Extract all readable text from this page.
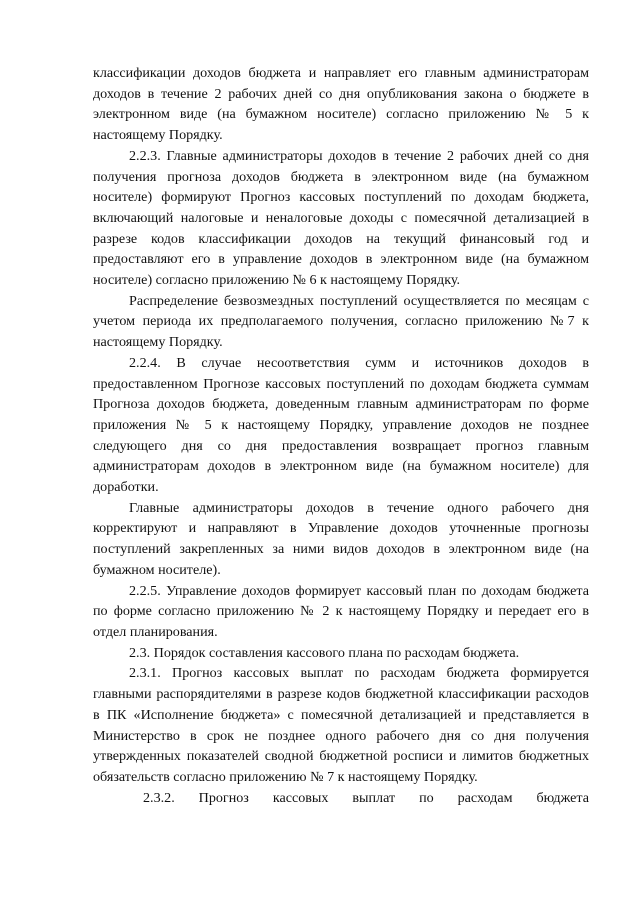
классификации доходов бюджета и направляет его главным администраторам доходов в течение 2 рабочих дней со дня опубликования закона о бюджете в электронном виде (на бумажном носителе) согласно приложению № 5 к настоящему Порядку.

2.2.3. Главные администраторы доходов в течение 2 рабочих дней со дня получения прогноза доходов бюджета в электронном виде (на бумажном носителе) формируют Прогноз кассовых поступлений по доходам бюджета, включающий налоговые и неналоговые доходы с помесячной детализацией в разрезе кодов классификации доходов на текущий финансовый год и предоставляют его в управление доходов в электронном виде (на бумажном носителе) согласно приложению № 6 к настоящему Порядку.

Распределение безвозмездных поступлений осуществляется по месяцам с учетом периода их предполагаемого получения, согласно приложению №7 к настоящему Порядку.

2.2.4. В случае несоответствия сумм и источников доходов в предоставленном Прогнозе кассовых поступлений по доходам бюджета суммам Прогноза доходов бюджета, доведенным главным администраторам по форме приложения № 5 к настоящему Порядку, управление доходов не позднее следующего дня со дня предоставления возвращает прогноз главным администраторам доходов в электронном виде (на бумажном носителе) для доработки.

Главные администраторы доходов в течение одного рабочего дня корректируют и направляют в Управление доходов уточненные прогнозы поступлений закрепленных за ними видов доходов в электронном виде (на бумажном носителе).

2.2.5. Управление доходов формирует кассовый план по доходам бюджета по форме согласно приложению № 2 к настоящему Порядку и передает его в отдел планирования.

2.3. Порядок составления кассового плана по расходам бюджета.

2.3.1. Прогноз кассовых выплат по расходам бюджета формируется главными распорядителями в разрезе кодов бюджетной классификации расходов в ПК «Исполнение бюджета» с помесячной детализацией и представляется в Министерство в срок не позднее одного рабочего дня со дня получения утвержденных показателей сводной бюджетной росписи и лимитов бюджетных обязательств согласно приложению № 7 к настоящему Порядку.

2.3.2. Прогноз кассовых выплат по расходам бюджета
